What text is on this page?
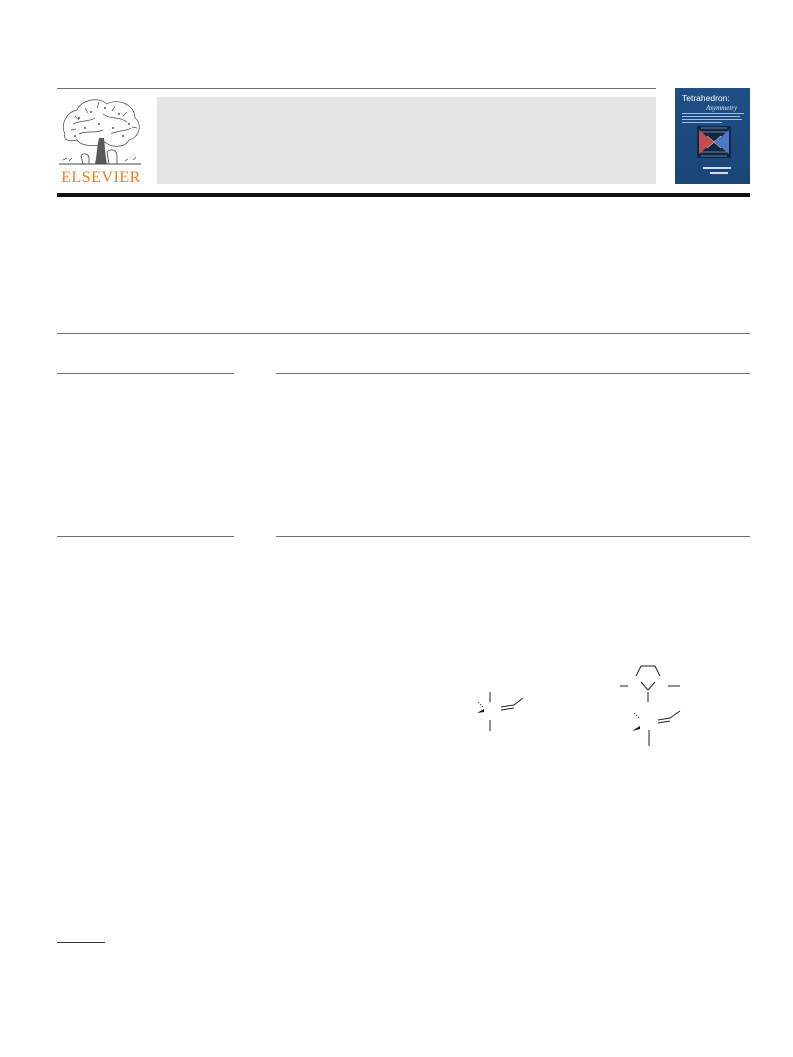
ELSEVIER
Tetrahedron:
Asymmetry
